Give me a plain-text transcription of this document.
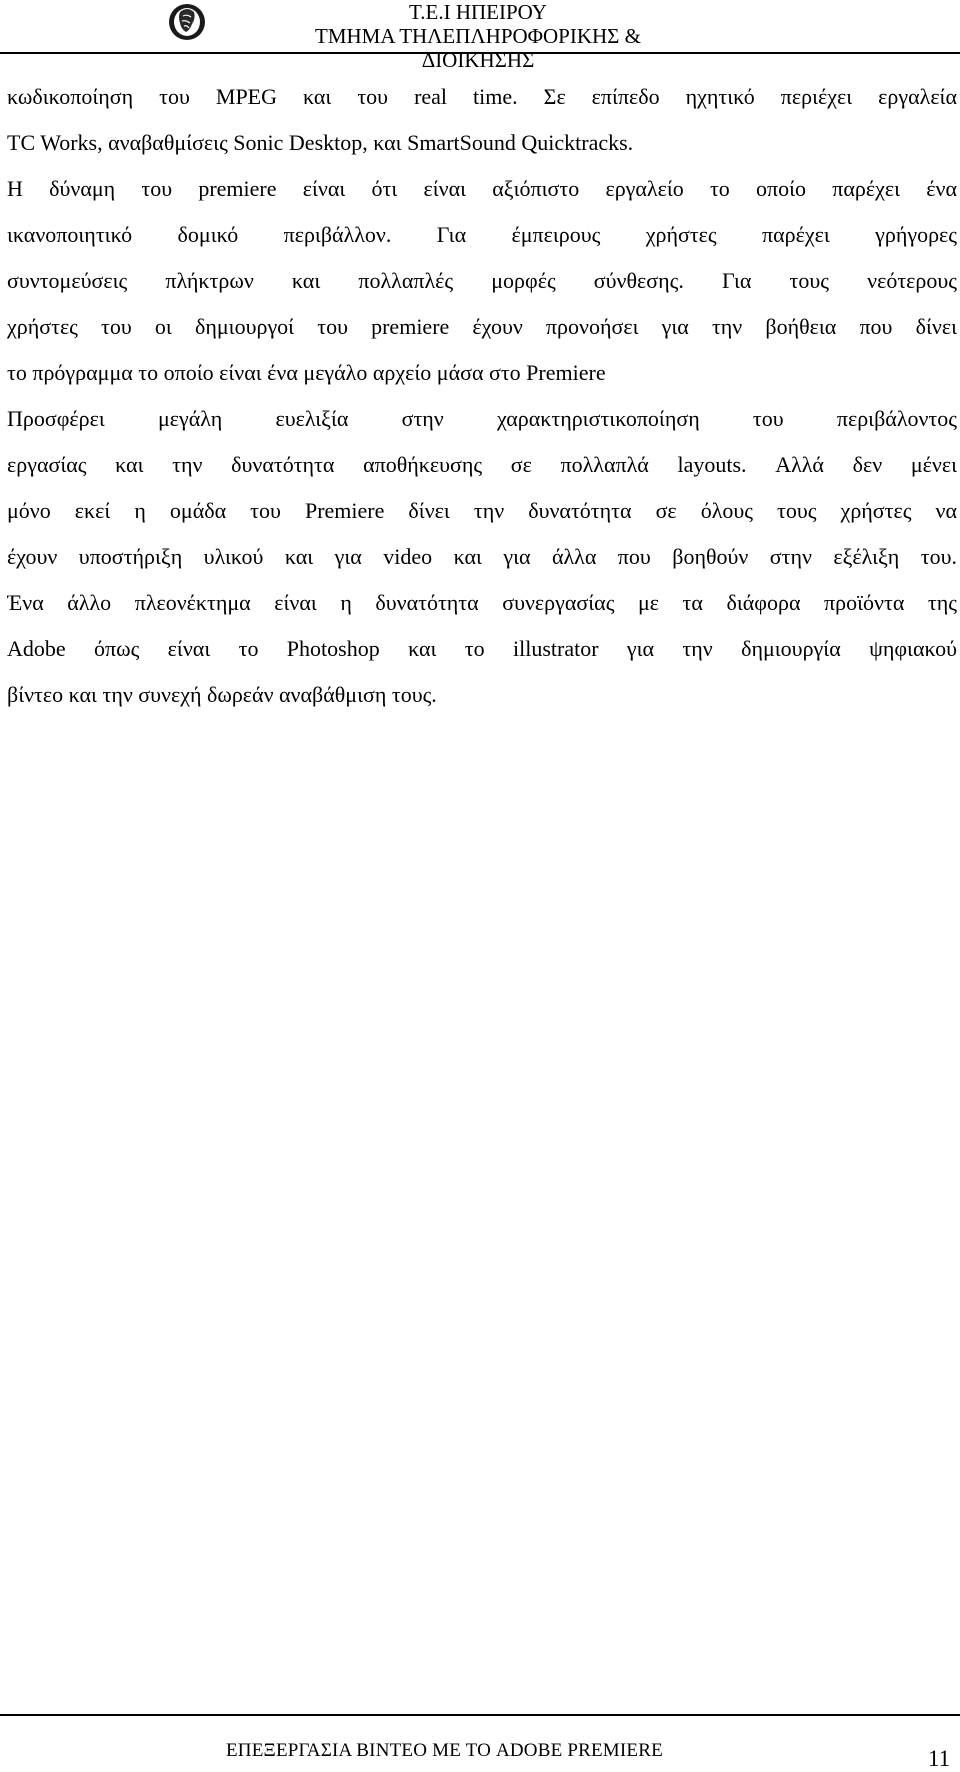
Τ.Ε.Ι ΗΠΕΙΡΟΥ
ΤΜΗΜΑ ΤΗΛΕΠΛΗΡΟΦΟΡΙΚΗΣ & ΔΙΟΙΚΗΣΗΣ
κωδικοποίηση του MPEG και του real time. Σε επίπεδο ηχητικό περιέχει εργαλεία
TC Works, αναβαθμίσεις Sonic Desktop, και SmartSound Quicktracks.
Η δύναμη του premiere είναι ότι είναι αξιόπιστο εργαλείο το οποίο παρέχει ένα
ικανοποιητικό δομικό περιβάλλον. Για έμπειρους χρήστες παρέχει γρήγορες
συντομεύσεις πλήκτρων και πολλαπλές μορφές σύνθεσης. Για τους νεότερους
χρήστες του οι δημιουργοί του premiere έχουν προνοήσει για την βοήθεια που δίνει
το πρόγραμμα το οποίο είναι ένα μεγάλο αρχείο μάσα στο Premiere
Προσφέρει μεγάλη ευελιξία στην χαρακτηριστικοποίηση του περιβάλοντος
εργασίας και την δυνατότητα αποθήκευσης σε πολλαπλά layouts. Αλλά δεν μένει
μόνο εκεί η ομάδα του Premiere δίνει την δυνατότητα σε όλους τους χρήστες να
έχουν υποστήριξη υλικού και για video και για άλλα που βοηθούν στην εξέλιξη του.
Ένα άλλο πλεονέκτημα είναι η δυνατότητα συνεργασίας με τα διάφορα προϊόντα της
Adobe όπως είναι το Photoshop και το illustrator για την δημιουργία ψηφιακού
βίντεο και την συνεχή δωρεάν αναβάθμιση τους.
ΕΠΕΞΕΡΓΑΣΙΑ ΒΙΝΤΕΟ ΜΕ ΤΟ ADOBE PREMIERE	11
